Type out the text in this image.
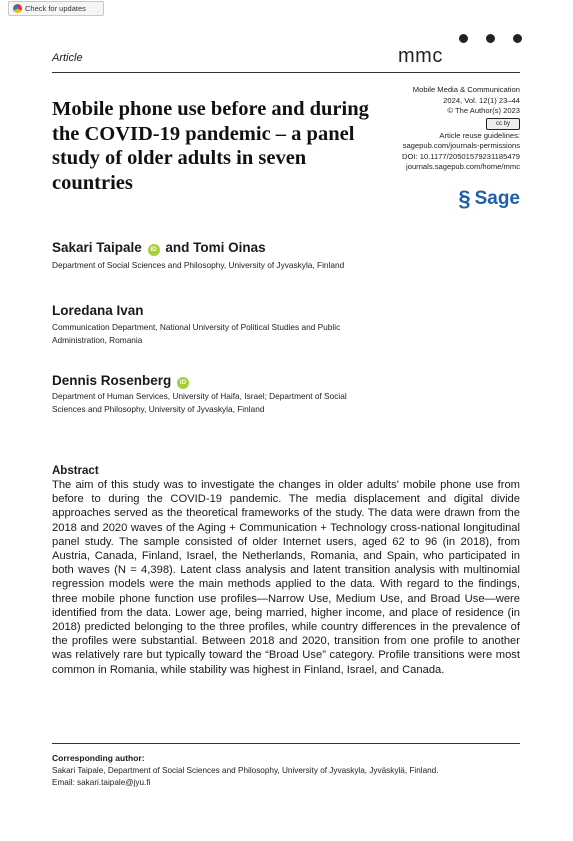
Check for updates
Article	mmc
Mobile Media & Communication
2024, Vol. 12(1) 23–44
© The Author(s) 2023
cc by
Article reuse guidelines:
sagepub.com/journals-permissions
DOI: 10.1177/20501579231185479
journals.sagepub.com/home/mmc
§ Sage
Mobile phone use before and during the COVID-19 pandemic – a panel study of older adults in seven countries
Sakari Taipale iD and Tomi Oinas
Department of Social Sciences and Philosophy, University of Jyvaskyla, Finland
Loredana Ivan
Communication Department, National University of Political Studies and Public Administration, Romania
Dennis Rosenberg iD
Department of Human Services, University of Haifa, Israel; Department of Social Sciences and Philosophy, University of Jyvaskyla, Finland
Abstract

The aim of this study was to investigate the changes in older adults' mobile phone use from before to during the COVID-19 pandemic. The media displacement and digital divide approaches served as the theoretical frameworks of the study. The data were drawn from the 2018 and 2020 waves of the Aging + Communication + Technology cross-national longitudinal panel study. The sample consisted of older Internet users, aged 62 to 96 (in 2018), from Austria, Canada, Finland, Israel, the Netherlands, Romania, and Spain, who participated in both waves (N = 4,398). Latent class analysis and latent transition analysis with multinomial regression models were the main methods applied to the data. With regard to the findings, three mobile phone function use profiles—Narrow Use, Medium Use, and Broad Use—were identified from the data. Lower age, being married, higher income, and place of residence (in 2018) predicted belonging to the three profiles, while country differences in the prevalence of the profiles were substantial. Between 2018 and 2020, transition from one profile to another was relatively rare but typically toward the “Broad Use” category. Profile transitions were most common in Romania, while stability was highest in Finland, Israel, and Canada.

Corresponding author:
Sakari Taipale, Department of Social Sciences and Philosophy, University of Jyvaskyla, Jyväskylä, Finland.
Email: sakari.taipale@jyu.fi
